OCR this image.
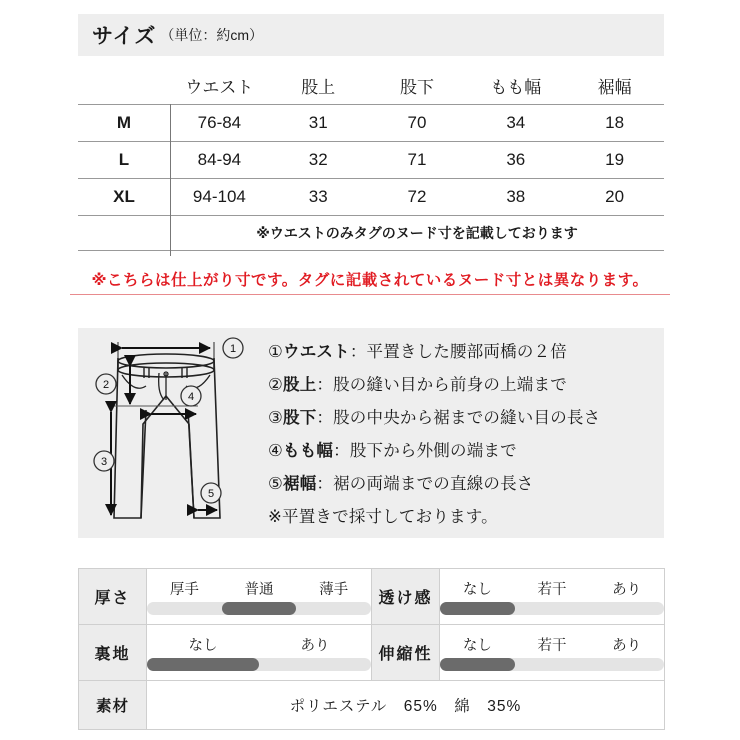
サイズ （単位：約cm）
	ウエスト	股上	股下	もも幅	裾幅
M	76-84	31	70	34	18
L	84-94	32	71	36	19
XL	94-104	33	72	38	20
	※ウエストのみタグのヌード寸を記載しております				
※こちらは仕上がり寸です。タグに記載されているヌード寸とは異なります。
1
2
3
4
5
①ウエスト：平置きした腰部両橋の２倍
②股上：股の縫い目から前身の上端まで
③股下：股の中央から裾までの縫い目の長さ
④もも幅：股下から外側の端まで
⑤裾幅：裾の両端までの直線の長さ
※平置きで採寸しております。
厚さ	厚手 普通 薄手	透け感	なし 若干 あり

裏地	なし あり	伸縮性	なし 若干 あり

素材	ポリエステル　65%　綿　35%		
